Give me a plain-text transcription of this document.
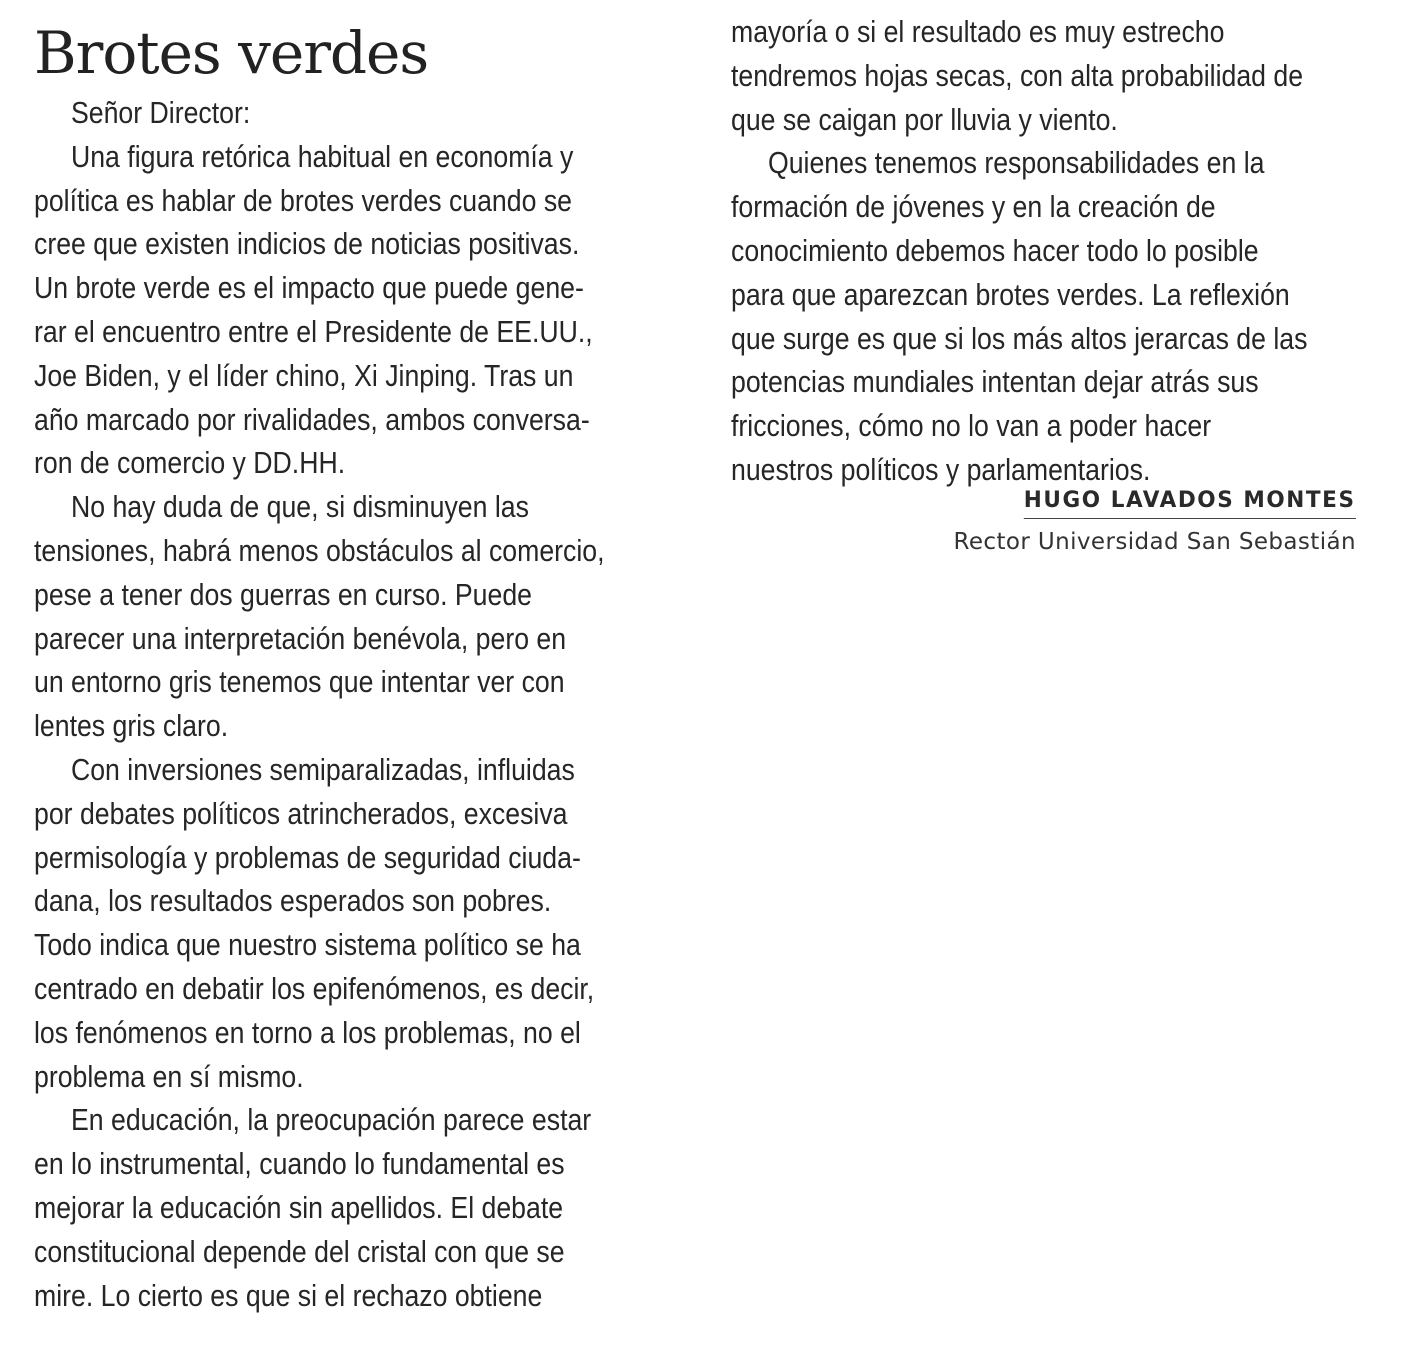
Brotes verdes
Señor Director:
Una figura retórica habitual en economía y
política es hablar de brotes verdes cuando se
cree que existen indicios de noticias positivas.
Un brote verde es el impacto que puede gene-
rar el encuentro entre el Presidente de EE.UU.,
Joe Biden, y el líder chino, Xi Jinping. Tras un
año marcado por rivalidades, ambos conversa-
ron de comercio y DD.HH.
No hay duda de que, si disminuyen las
tensiones, habrá menos obstáculos al comercio,
pese a tener dos guerras en curso. Puede
parecer una interpretación benévola, pero en
un entorno gris tenemos que intentar ver con
lentes gris claro.
Con inversiones semiparalizadas, influidas
por debates políticos atrincherados, excesiva
permisología y problemas de seguridad ciuda-
dana, los resultados esperados son pobres.
Todo indica que nuestro sistema político se ha
centrado en debatir los epifenómenos, es decir,
los fenómenos en torno a los problemas, no el
problema en sí mismo.
En educación, la preocupación parece estar
en lo instrumental, cuando lo fundamental es
mejorar la educación sin apellidos. El debate
constitucional depende del cristal con que se
mire. Lo cierto es que si el rechazo obtiene
mayoría o si el resultado es muy estrecho
tendremos hojas secas, con alta probabilidad de
que se caigan por lluvia y viento.
Quienes tenemos responsabilidades en la
formación de jóvenes y en la creación de
conocimiento debemos hacer todo lo posible
para que aparezcan brotes verdes. La reflexión
que surge es que si los más altos jerarcas de las
potencias mundiales intentan dejar atrás sus
fricciones, cómo no lo van a poder hacer
nuestros políticos y parlamentarios.
HUGO LAVADOS MONTES
Rector Universidad San Sebastián
